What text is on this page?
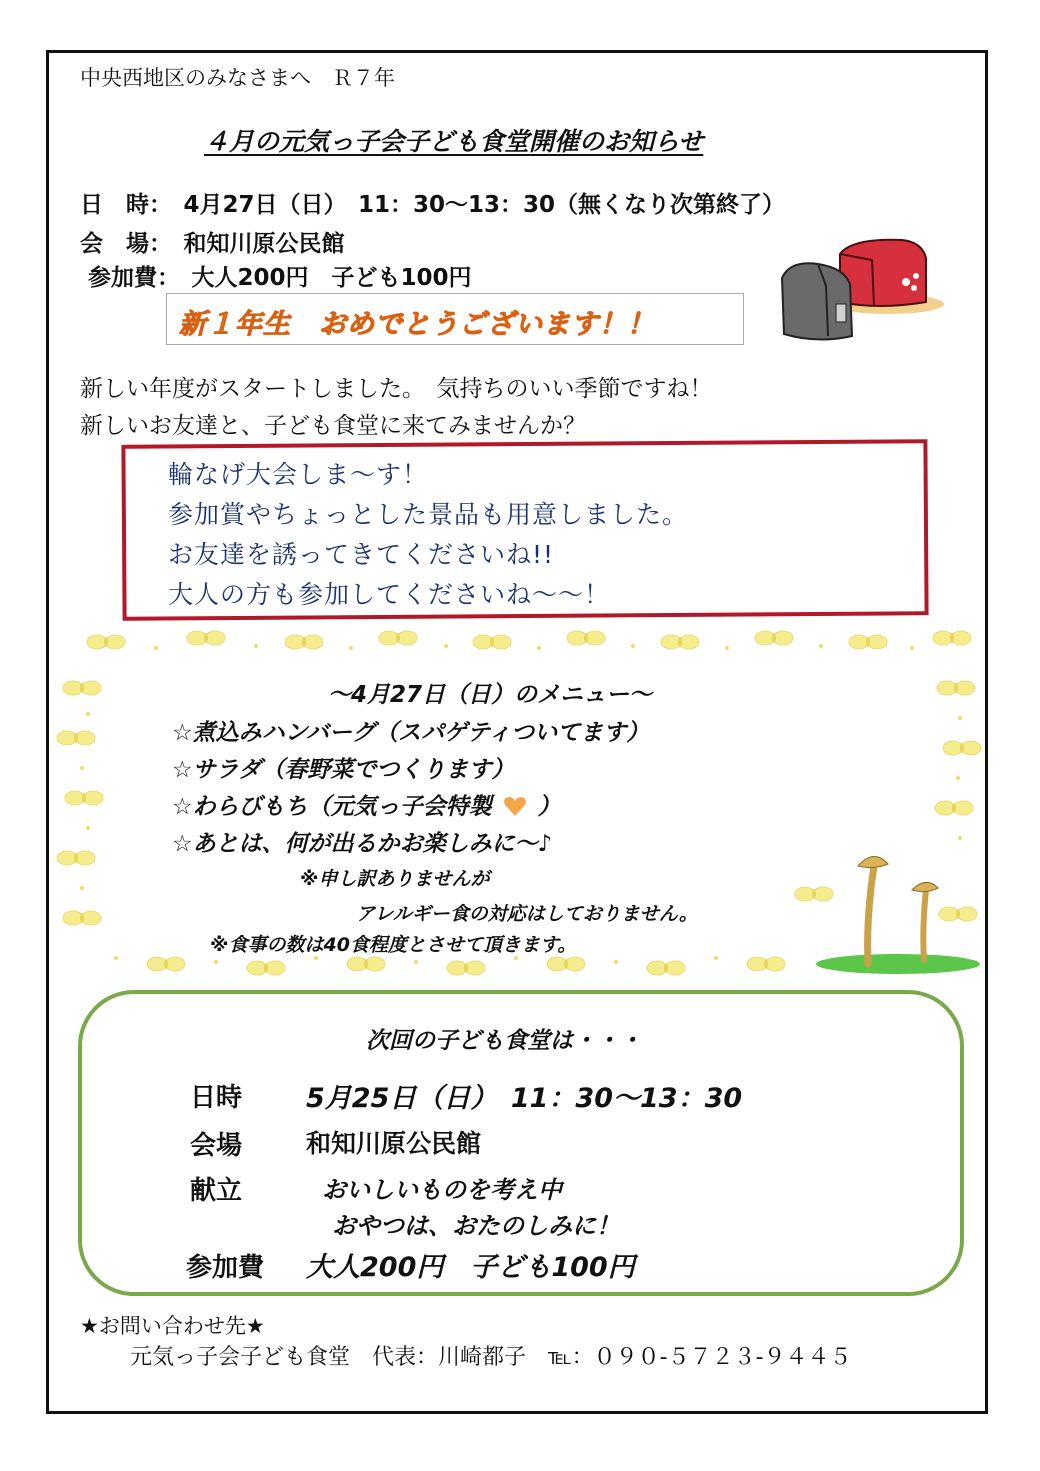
中央西地区のみなさまへ　Ｒ７年
４月の元気っ子会子ども食堂開催のお知らせ
日　時：　4月27日（日）　11：30～13：30（無くなり次第終了）
会　場：　和知川原公民館
参加費：　大人200円　子ども100円
新１年生　おめでとうございます！！
新しい年度がスタートしました。　気持ちのいい季節ですね！
新しいお友達と、子ども食堂に来てみませんか？
輪なげ大会しま～す！
参加賞やちょっとした景品も用意しました。
お友達を誘ってきてくださいね!!
大人の方も参加してくださいね～～！
～4月27日（日）のメニュー～
☆煮込みハンバーグ（スパゲティついてます）
☆サラダ（春野菜でつくります）
☆わらびもち（元気っ子会特製 ）
☆あとは、何が出るかお楽しみに～♪
※申し訳ありませんが
アレルギー食の対応はしておりません。
※食事の数は40食程度とさせて頂きます。
次回の子ども食堂は・・・
日時 5月25日（日）　11：30～13：30
会場	和知川原公民館
献立	おいしいものを考え中
おやつは、おたのしみに！
参加費 大人200円　子ども100円
★お問い合わせ先★
元気っ子会子ども食堂　代表：川崎都子　℡：０９０-５７２３-９４４５
